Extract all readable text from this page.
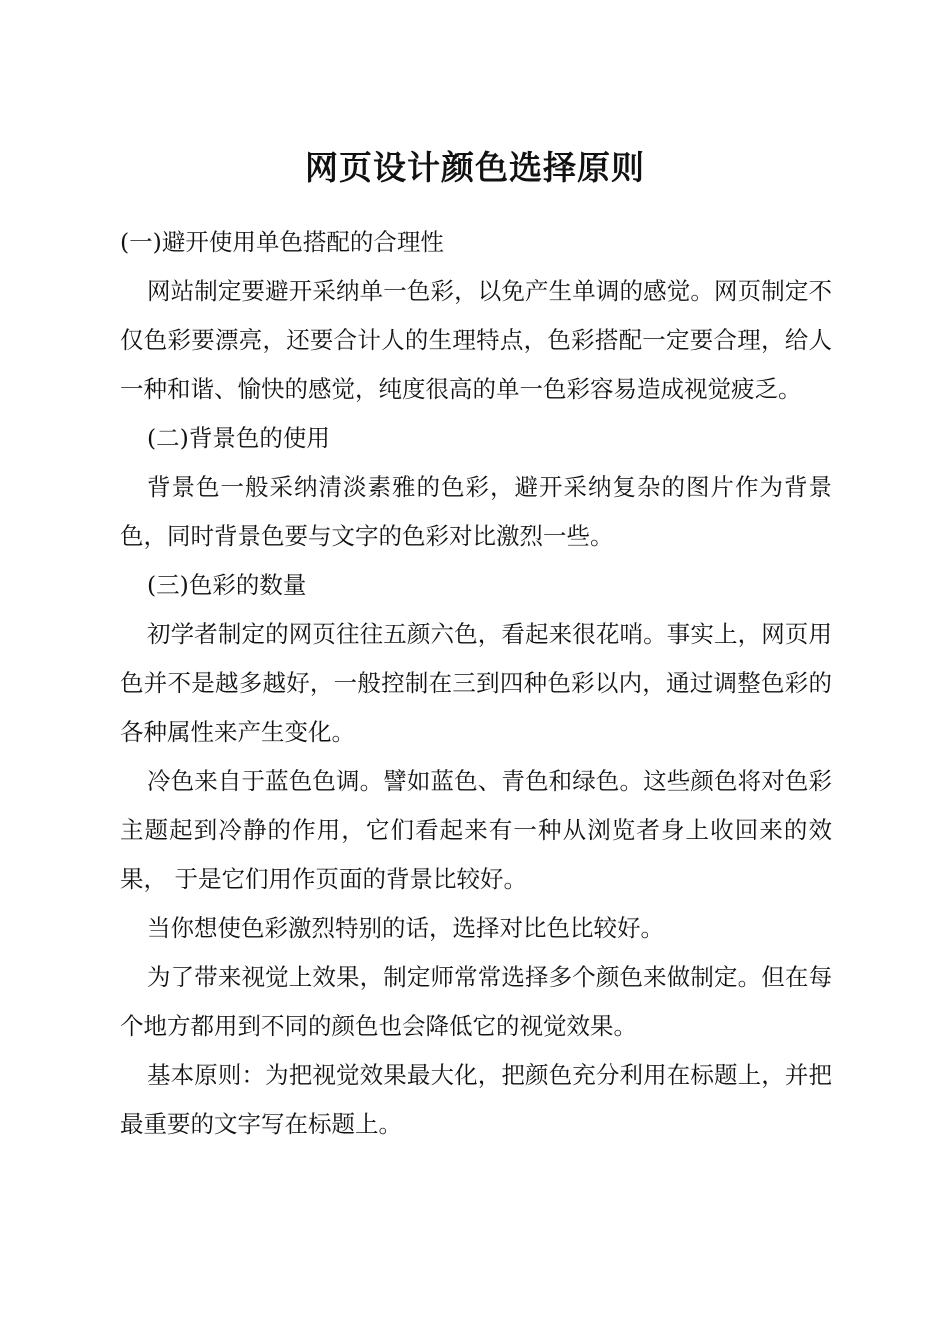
网页设计颜色选择原则

(一)避开使用单色搭配的合理性

网站制定要避开采纳单一色彩，以免产生单调的感觉。网页制定不仅色彩要漂亮，还要合计人的生理特点，色彩搭配一定要合理，给人一种和谐、愉快的感觉，纯度很高的单一色彩容易造成视觉疲乏。

(二)背景色的使用

背景色一般采纳清淡素雅的色彩，避开采纳复杂的图片作为背景色，同时背景色要与文字的色彩对比激烈一些。

(三)色彩的数量

初学者制定的网页往往五颜六色，看起来很花哨。事实上，网页用色并不是越多越好，一般控制在三到四种色彩以内，通过调整色彩的各种属性来产生变化。

冷色来自于蓝色色调。譬如蓝色、青色和绿色。这些颜色将对色彩 主题起到冷静的作用，它们看起来有一种从浏览者身上收回来的效果， 于是它们用作页面的背景比较好。

当你想使色彩激烈特别的话，选择对比色比较好。

为了带来视觉上效果，制定师常常选择多个颜色来做制定。但在每个地方都用到不同的颜色也会降低它的视觉效果。

基本原则：为把视觉效果最大化，把颜色充分利用在标题上，并把最重要的文字写在标题上。
